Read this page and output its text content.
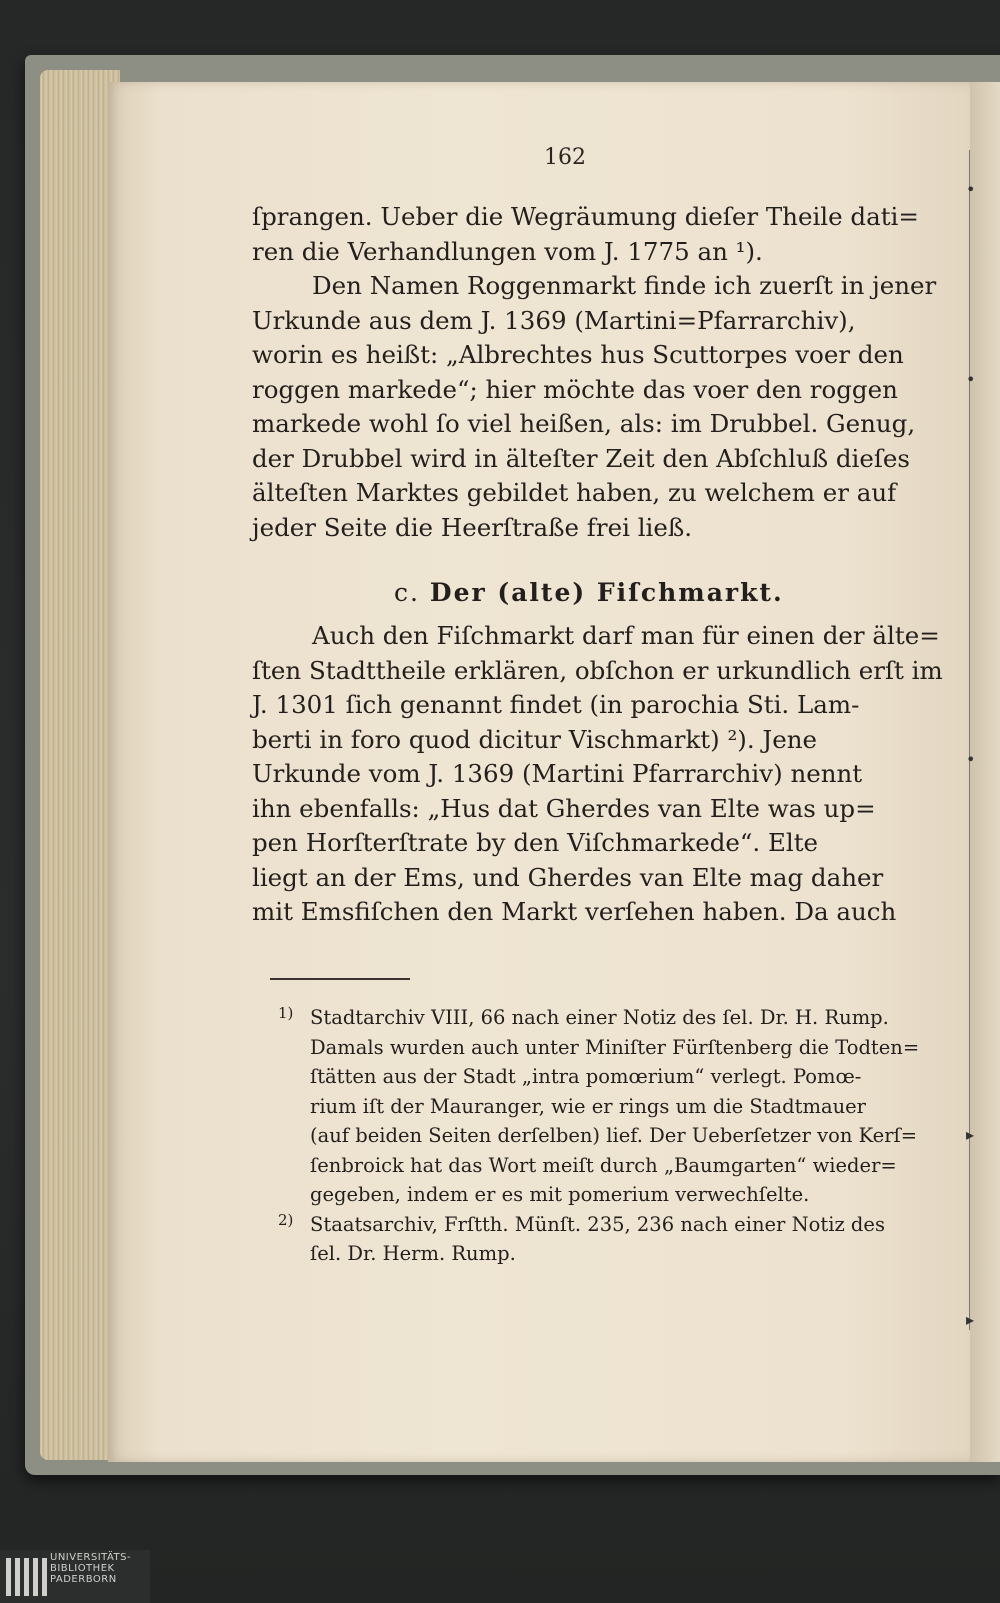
162
ſprangen. Ueber die Wegräumung dieſer Theile dati=
ren die Verhandlungen vom J. 1775 an ¹).
Den Namen Roggenmarkt finde ich zuerſt in jener
Urkunde aus dem J. 1369 (Martini=Pfarrarchiv),
worin es heißt: „Albrechtes hus Scuttorpes voer den
roggen markede“; hier möchte das voer den roggen
markede wohl ſo viel heißen, als: im Drubbel. Genug,
der Drubbel wird in älteſter Zeit den Abſchluß dieſes
älteſten Marktes gebildet haben, zu welchem er auf
jeder Seite die Heerſtraße frei ließ.
c. Der (alte) Fiſchmarkt.
Auch den Fiſchmarkt darf man für einen der älte=
ſten Stadttheile erklären, obſchon er urkundlich erſt im
J. 1301 ſich genannt findet (in parochia Sti. Lam-
berti in foro quod dicitur Vischmarkt) ²). Jene
Urkunde vom J. 1369 (Martini Pfarrarchiv) nennt
ihn ebenfalls: „Hus dat Gherdes van Elte was up=
pen Horſterſtrate by den Viſchmarkede“. Elte
liegt an der Ems, und Gherdes van Elte mag daher
mit Emsfiſchen den Markt verſehen haben. Da auch
1) Stadtarchiv VIII, 66 nach einer Notiz des ſel. Dr. H. Rump.
Damals wurden auch unter Miniſter Fürſtenberg die Todten=
ſtätten aus der Stadt „intra pomœrium“ verlegt. Pomœ-
rium iſt der Mauranger, wie er rings um die Stadtmauer
(auf beiden Seiten derſelben) lief. Der Ueberſetzer von Kerſ=
ſenbroick hat das Wort meiſt durch „Baumgarten“ wieder=
gegeben, indem er es mit pomerium verwechſelte.
2) Staatsarchiv, Frſtth. Münſt. 235, 236 nach einer Notiz des
ſel. Dr. Herm. Rump.
•
•
•
▸
▸
UNIVERSITÄTS-
BIBLIOTHEK
PADERBORN
